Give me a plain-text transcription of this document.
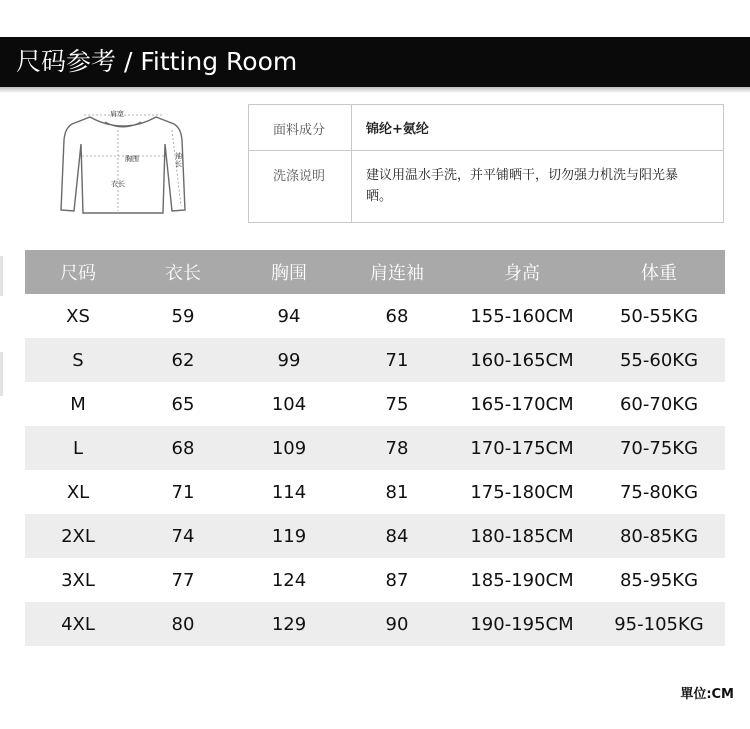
尺码参考 / Fitting Room
肩宽
胸围	袖长
衣长
面料成分	锦纶+氨纶
洗涤说明	建议用温水手洗，并平铺晒干，切勿强力机洗与阳光暴晒。
尺码	衣长	胸围	肩连袖	身高	体重
XS	59	94	68	155-160CM	50-55KG
S	62	99	71	160-165CM	55-60KG
M	65	104	75	165-170CM	60-70KG
L	68	109	78	170-175CM	70-75KG
XL	71	114	81	175-180CM	75-80KG
2XL	74	119	84	180-185CM	80-85KG
3XL	77	124	87	185-190CM	85-95KG
4XL	80	129	90	190-195CM	95-105KG
單位:CM
